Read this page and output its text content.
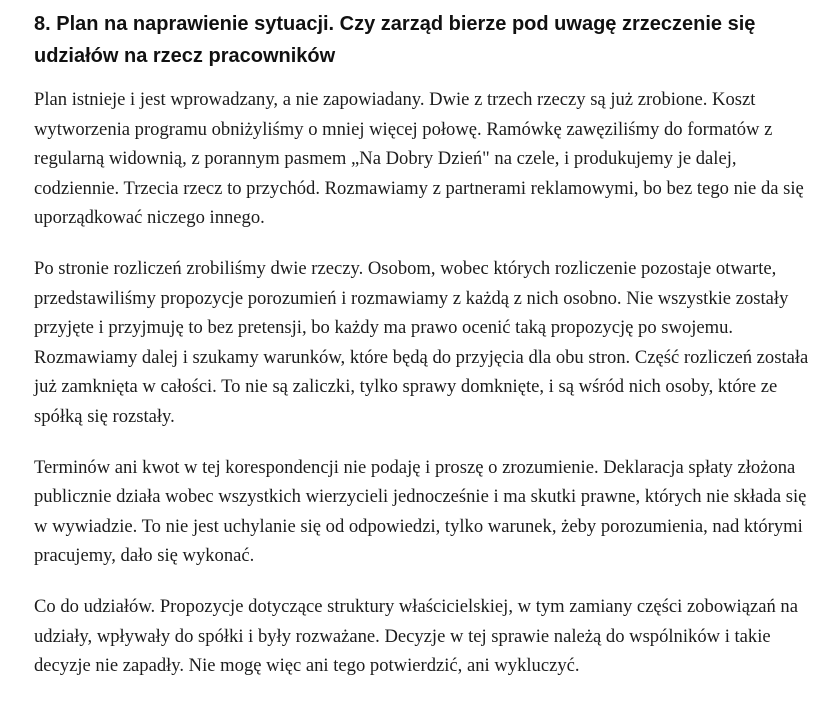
8. Plan na naprawienie sytuacji. Czy zarząd bierze pod uwagę zrzeczenie się udziałów na rzecz pracowników

Plan istnieje i jest wprowadzany, a nie zapowiadany. Dwie z trzech rzeczy są już zrobione. Koszt wytworzenia programu obniżyliśmy o mniej więcej połowę. Ramówkę zawęziliśmy do formatów z regularną widownią, z porannym pasmem „Na Dobry Dzień" na czele, i produkujemy je dalej, codziennie. Trzecia rzecz to przychód. Rozmawiamy z partnerami reklamowymi, bo bez tego nie da się uporządkować niczego innego.

Po stronie rozliczeń zrobiliśmy dwie rzeczy. Osobom, wobec których rozliczenie pozostaje otwarte, przedstawiliśmy propozycje porozumień i rozmawiamy z każdą z nich osobno. Nie wszystkie zostały przyjęte i przyjmuję to bez pretensji, bo każdy ma prawo ocenić taką propozycję po swojemu. Rozmawiamy dalej i szukamy warunków, które będą do przyjęcia dla obu stron. Część rozliczeń została już zamknięta w całości. To nie są zaliczki, tylko sprawy domknięte, i są wśród nich osoby, które ze spółką się rozstały.

Terminów ani kwot w tej korespondencji nie podaję i proszę o zrozumienie. Deklaracja spłaty złożona publicznie działa wobec wszystkich wierzycieli jednocześnie i ma skutki prawne, których nie składa się w wywiadzie. To nie jest uchylanie się od odpowiedzi, tylko warunek, żeby porozumienia, nad którymi pracujemy, dało się wykonać.

Co do udziałów. Propozycje dotyczące struktury właścicielskiej, w tym zamiany części zobowiązań na udziały, wpływały do spółki i były rozważane. Decyzje w tej sprawie należą do wspólników i takie decyzje nie zapadły. Nie mogę więc ani tego potwierdzić, ani wykluczyć.
